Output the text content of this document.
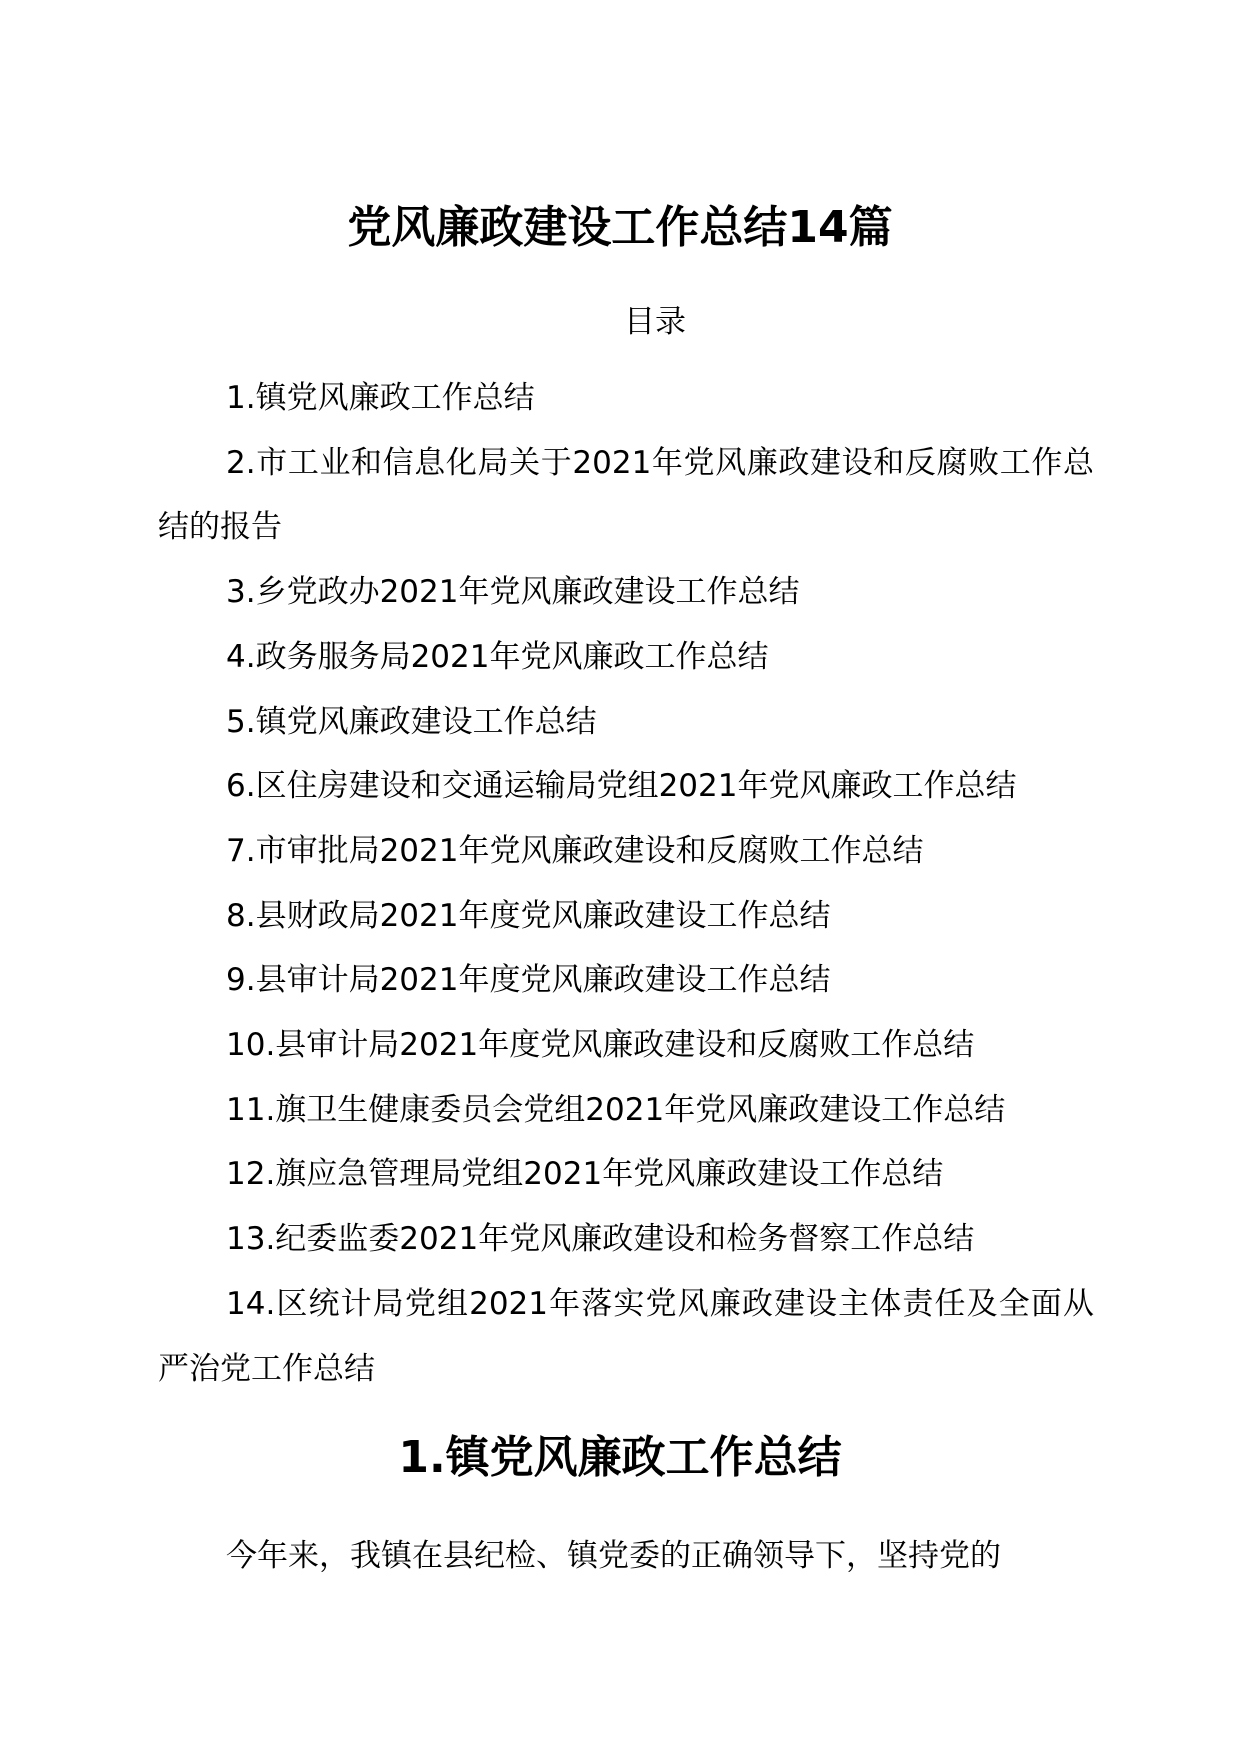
党风廉政建设工作总结14篇
目录
1.镇党风廉政工作总结
2.市工业和信息化局关于2021年党风廉政建设和反腐败工作总结的报告
3.乡党政办2021年党风廉政建设工作总结
4.政务服务局2021年党风廉政工作总结
5.镇党风廉政建设工作总结
6.区住房建设和交通运输局党组2021年党风廉政工作总结
7.市审批局2021年党风廉政建设和反腐败工作总结
8.县财政局2021年度党风廉政建设工作总结
9.县审计局2021年度党风廉政建设工作总结
10.县审计局2021年度党风廉政建设和反腐败工作总结
11.旗卫生健康委员会党组2021年党风廉政建设工作总结
12.旗应急管理局党组2021年党风廉政建设工作总结
13.纪委监委2021年党风廉政建设和检务督察工作总结
14.区统计局党组2021年落实党风廉政建设主体责任及全面从严治党工作总结
1.镇党风廉政工作总结

今年来，我镇在县纪检、镇党委的正确领导下，坚持党的
